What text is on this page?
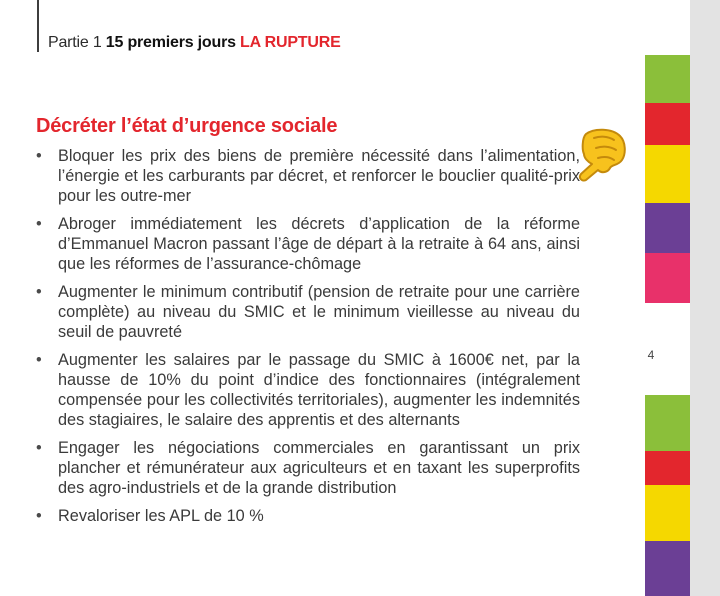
Partie 1 15 premiers jours LA RUPTURE
4
Décréter l’état d’urgence sociale
• Bloquer les prix des biens de première nécessité dans l’alimentation, l’énergie et les carburants par décret, et renforcer le bouclier qualité-prix pour les outre-mer
• Abroger immédiatement les décrets d’application de la réforme d’Emmanuel Macron passant l’âge de départ à la retraite à 64 ans, ainsi que les réformes de l’assurance-chômage
• Augmenter le minimum contributif (pension de retraite pour une carrière complète) au niveau du SMIC et le minimum vieillesse au niveau du seuil de pauvreté
• Augmenter les salaires par le passage du SMIC à 1600€ net, par la hausse de 10% du point d’indice des fonctionnaires (intégralement compensée pour les collectivités territoriales), augmenter les indemnités des stagiaires, le salaire des apprentis et des alternants
• Engager les négociations commerciales en garantissant un prix plancher et rémunérateur aux agriculteurs et en taxant les superprofits des agro-industriels et de la grande distribution
• Revaloriser les APL de 10 %
